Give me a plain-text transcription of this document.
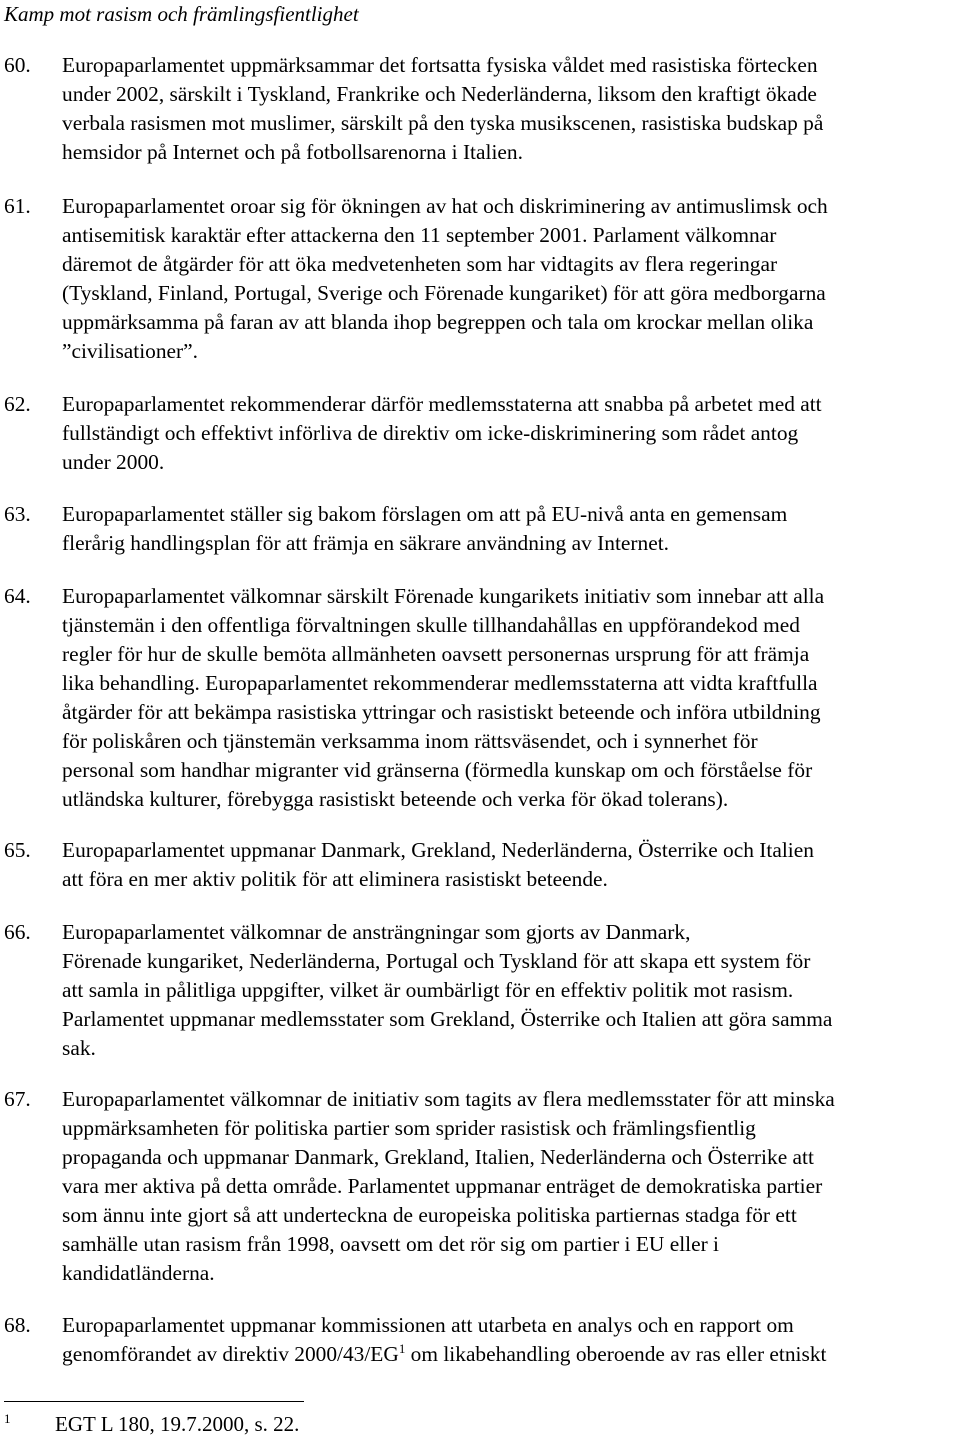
Kamp mot rasism och främlingsfientlighet
60. Europaparlamentet uppmärksammar det fortsatta fysiska våldet med rasistiska förtecken
under 2002, särskilt i Tyskland, Frankrike och Nederländerna, liksom den kraftigt ökade
verbala rasismen mot muslimer, särskilt på den tyska musikscenen, rasistiska budskap på
hemsidor på Internet och på fotbollsarenorna i Italien.
61. Europaparlamentet oroar sig för ökningen av hat och diskriminering av antimuslimsk och
antisemitisk karaktär efter attackerna den 11 september 2001. Parlament välkomnar
däremot de åtgärder för att öka medvetenheten som har vidtagits av flera regeringar
(Tyskland, Finland, Portugal, Sverige och Förenade kungariket) för att göra medborgarna
uppmärksamma på faran av att blanda ihop begreppen och tala om krockar mellan olika
”civilisationer”.
62. Europaparlamentet rekommenderar därför medlemsstaterna att snabba på arbetet med att
fullständigt och effektivt införliva de direktiv om icke-diskriminering som rådet antog
under 2000.
63. Europaparlamentet ställer sig bakom förslagen om att på EU-nivå anta en gemensam
flerårig handlingsplan för att främja en säkrare användning av Internet.
64. Europaparlamentet välkomnar särskilt Förenade kungarikets initiativ som innebar att alla
tjänstemän i den offentliga förvaltningen skulle tillhandahållas en uppförandekod med
regler för hur de skulle bemöta allmänheten oavsett personernas ursprung för att främja
lika behandling. Europaparlamentet rekommenderar medlemsstaterna att vidta kraftfulla
åtgärder för att bekämpa rasistiska yttringar och rasistiskt beteende och införa utbildning
för poliskåren och tjänstemän verksamma inom rättsväsendet, och i synnerhet för
personal som handhar migranter vid gränserna (förmedla kunskap om och förståelse för
utländska kulturer, förebygga rasistiskt beteende och verka för ökad tolerans).
65. Europaparlamentet uppmanar Danmark, Grekland, Nederländerna, Österrike och Italien
att föra en mer aktiv politik för att eliminera rasistiskt beteende.
66. Europaparlamentet välkomnar de ansträngningar som gjorts av Danmark,
Förenade kungariket, Nederländerna, Portugal och Tyskland för att skapa ett system för
att samla in pålitliga uppgifter, vilket är oumbärligt för en effektiv politik mot rasism.
Parlamentet uppmanar medlemsstater som Grekland, Österrike och Italien att göra samma
sak.
67. Europaparlamentet välkomnar de initiativ som tagits av flera medlemsstater för att minska
uppmärksamheten för politiska partier som sprider rasistisk och främlingsfientlig
propaganda och uppmanar Danmark, Grekland, Italien, Nederländerna och Österrike att
vara mer aktiva på detta område. Parlamentet uppmanar enträget de demokratiska partier
som ännu inte gjort så att underteckna de europeiska politiska partiernas stadga för ett
samhälle utan rasism från 1998, oavsett om det rör sig om partier i EU eller i
kandidatländerna.
68. Europaparlamentet uppmanar kommissionen att utarbeta en analys och en rapport om
genomförandet av direktiv $2000/43/EG^1$ om likabehandling oberoende av ras eller etniskt
1 EGT L 180, 19.7.2000, s. 22.
